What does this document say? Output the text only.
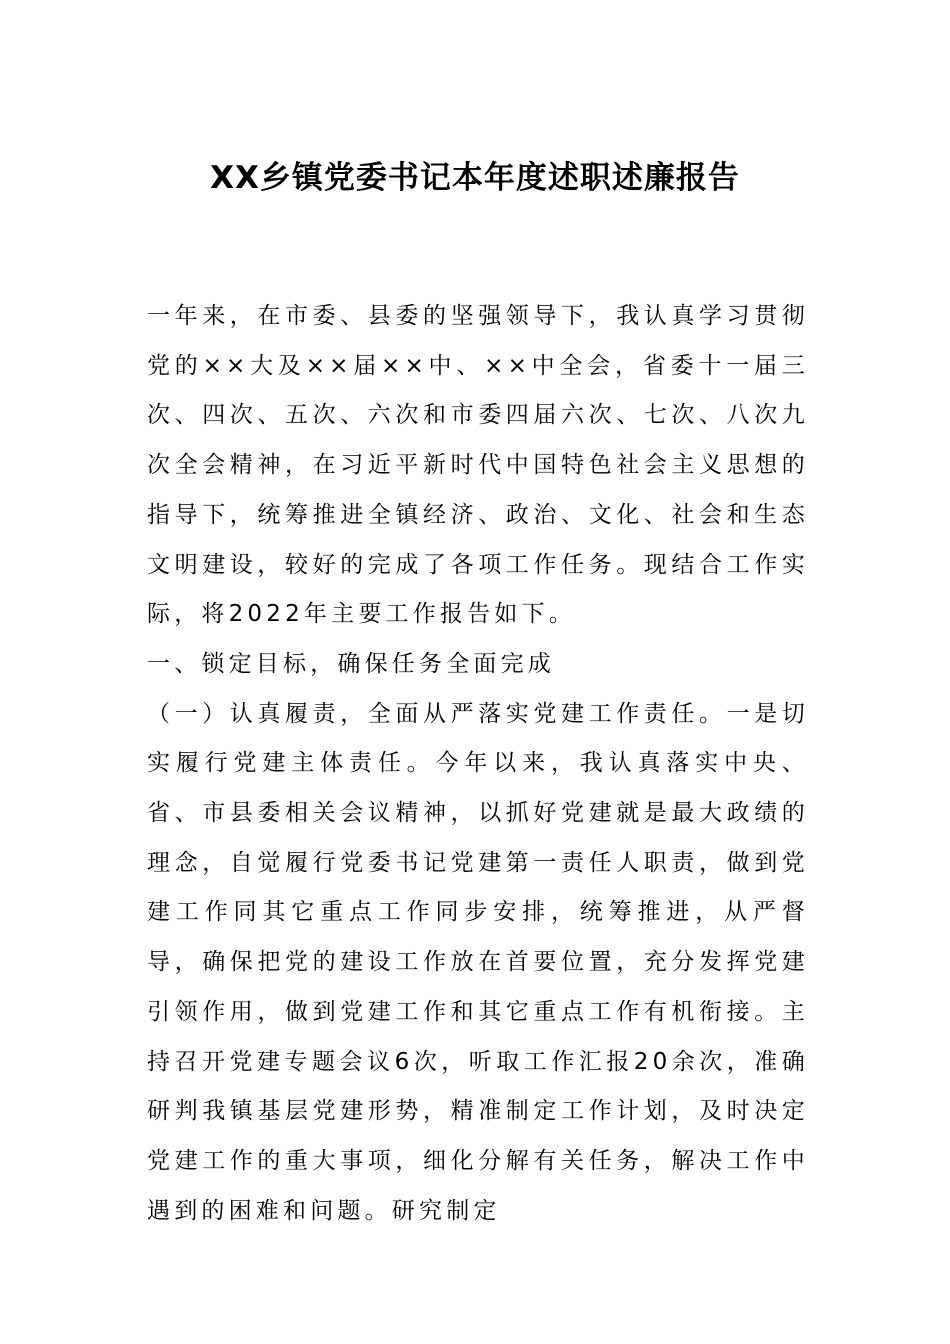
XX乡镇党委书记本年度述职述廉报告

一年来，在市委、县委的坚强领导下，我认真学习贯彻党的××大及××届××中、××中全会，省委十一届三次、四次、五次、六次和市委四届六次、七次、八次九次全会精神，在习近平新时代中国特色社会主义思想的指导下，统筹推进全镇经济、政治、文化、社会和生态文明建设，较好的完成了各项工作任务。现结合工作实际，将2022年主要工作报告如下。

一、锁定目标，确保任务全面完成

（一）认真履责，全面从严落实党建工作责任。一是切实履行党建主体责任。今年以来，我认真落实中央、省、市县委相关会议精神，以抓好党建就是最大政绩的理念，自觉履行党委书记党建第一责任人职责，做到党建工作同其它重点工作同步安排，统筹推进，从严督导，确保把党的建设工作放在首要位置，充分发挥党建引领作用，做到党建工作和其它重点工作有机衔接。主持召开党建专题会议6次，听取工作汇报20余次，准确研判我镇基层党建形势，精准制定工作计划，及时决定党建工作的重大事项，细化分解有关任务，解决工作中遇到的困难和问题。研究制定
